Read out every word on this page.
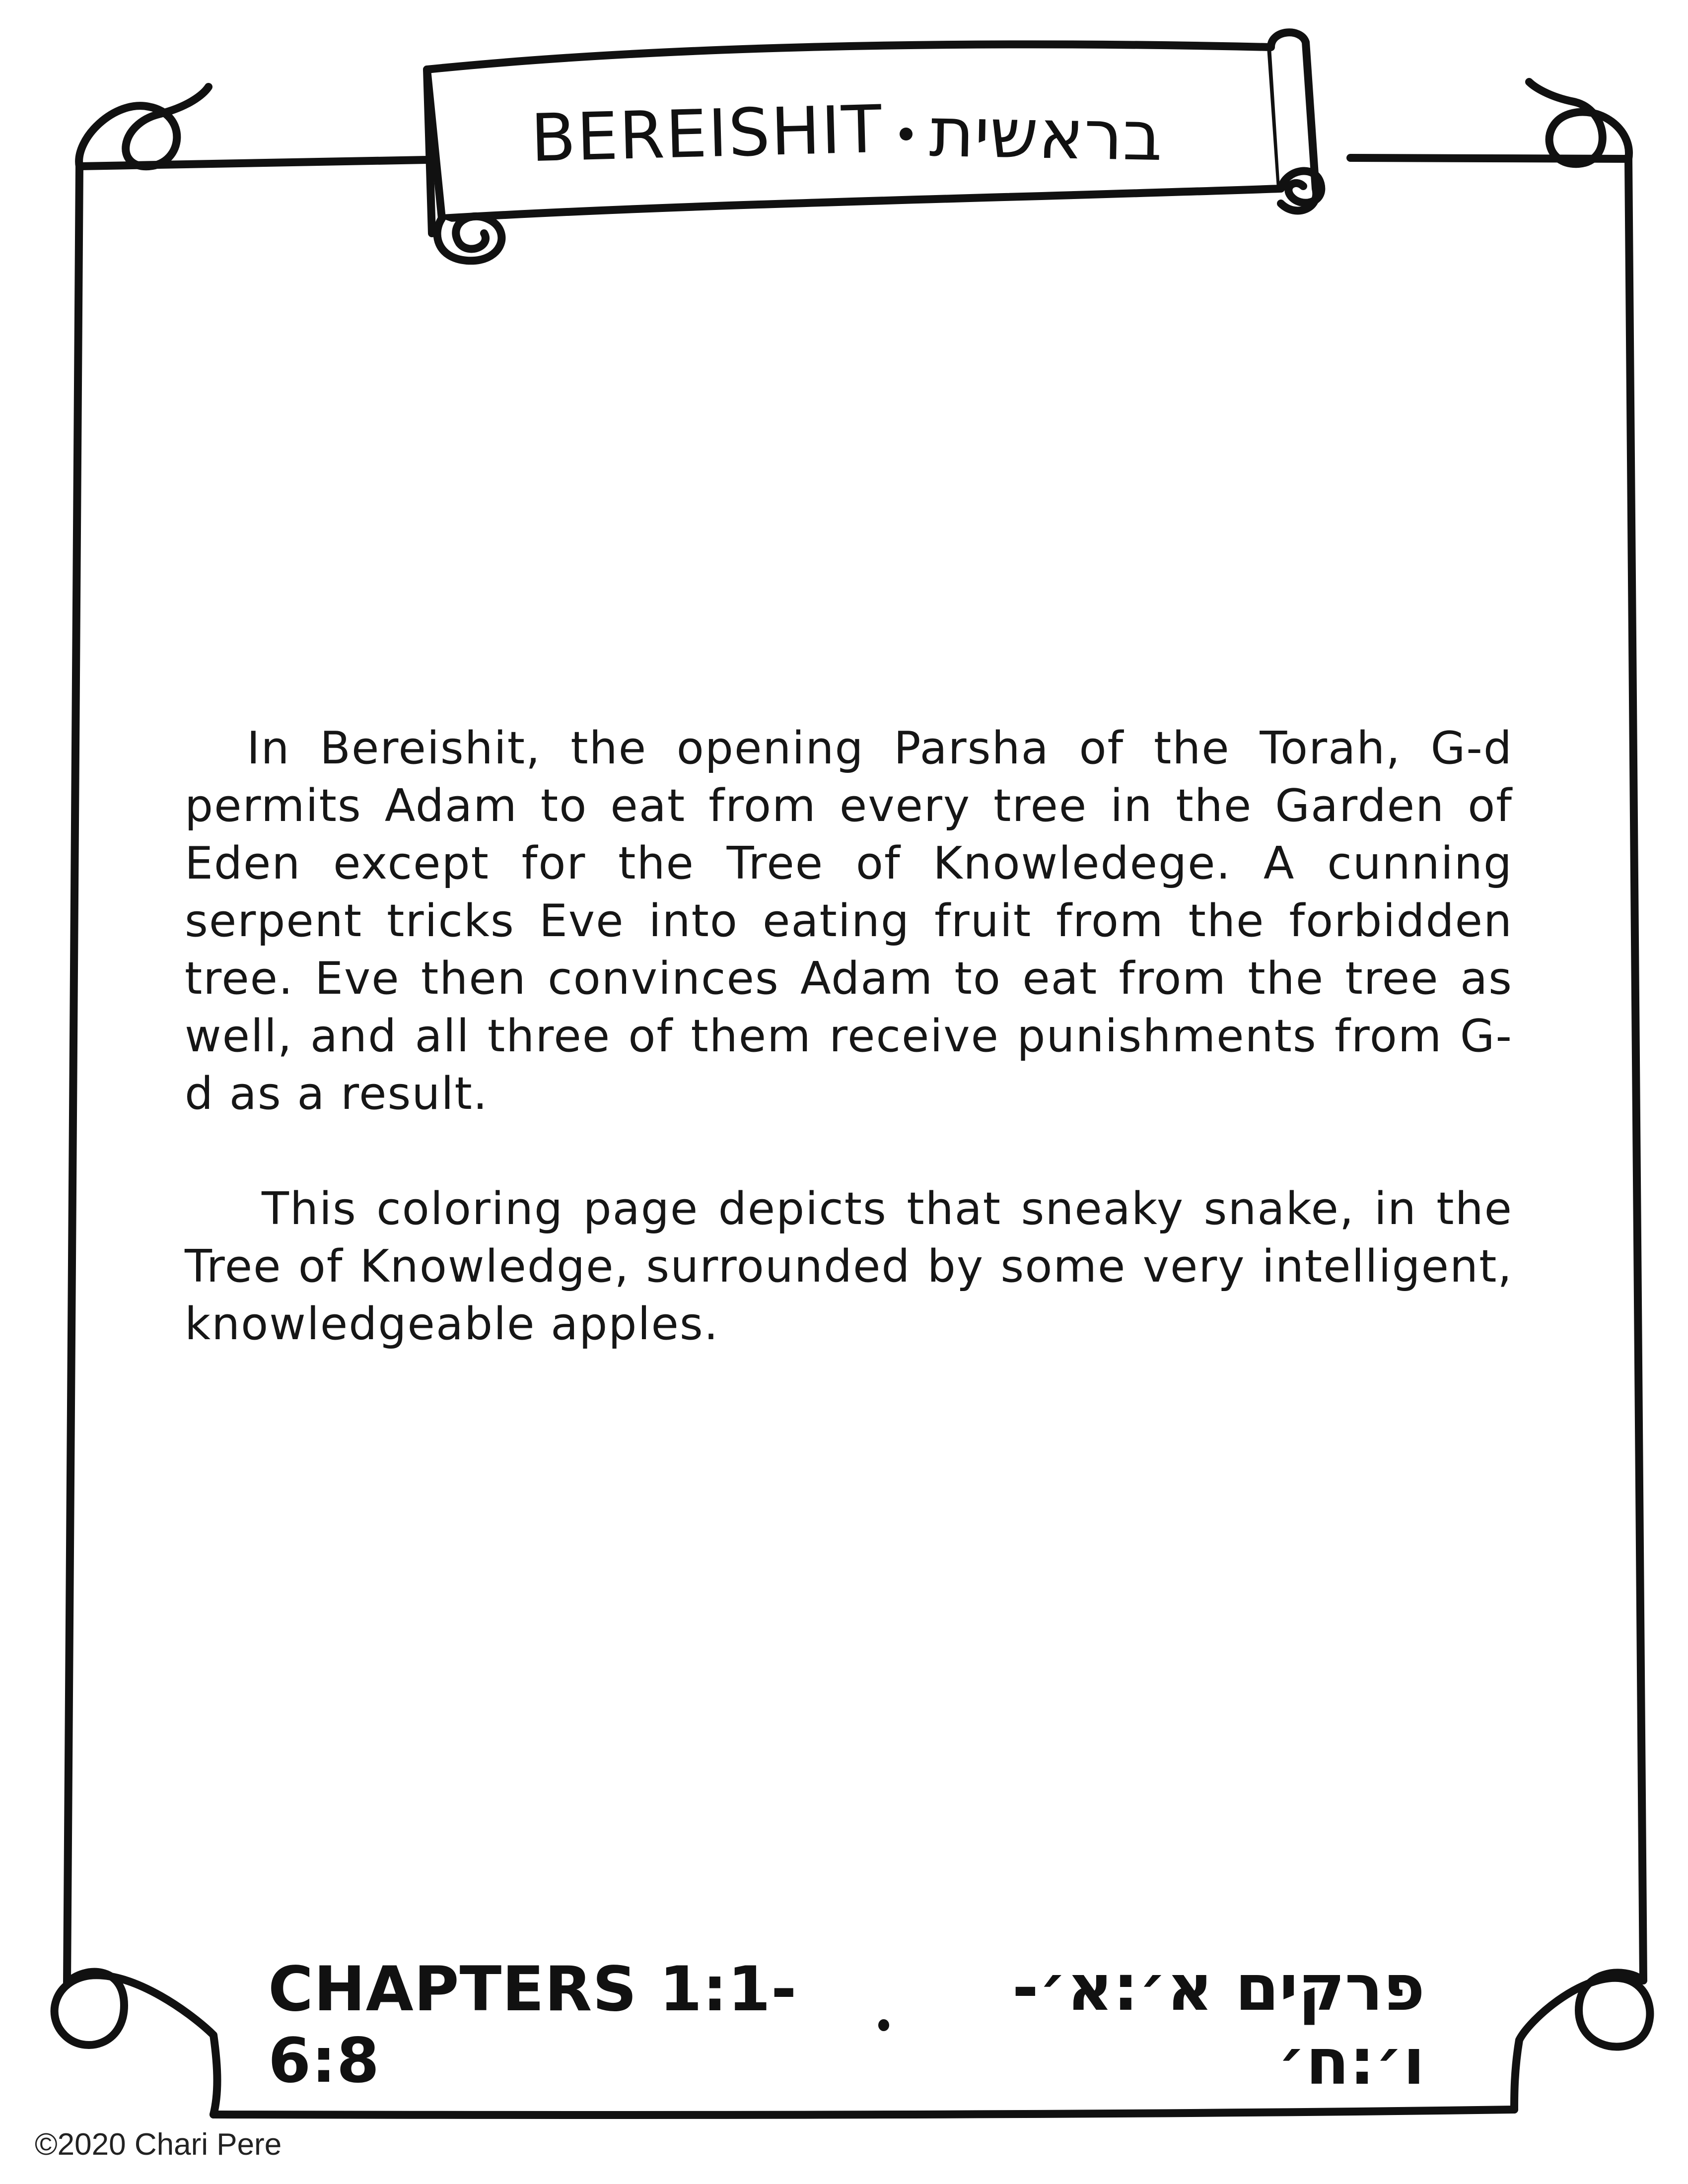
BEREISHIT בראשית

In Bereishit, the opening Parsha of the Torah, G-d permits Adam to eat from every tree in the Garden of Eden except for the Tree of Knowledege. A cunning serpent tricks Eve into eating fruit from the forbidden tree. Eve then convinces Adam to eat from the tree as well, and all three of them receive punishments from G-d as a result.

This coloring page depicts that sneaky snake, in the Tree of Knowledge, surrounded by some very intelligent, knowledgeable apples.

CHAPTERS 1:1-6:8
פרקים א׳:א׳-ו׳:ח׳
©2020 Chari Pere
